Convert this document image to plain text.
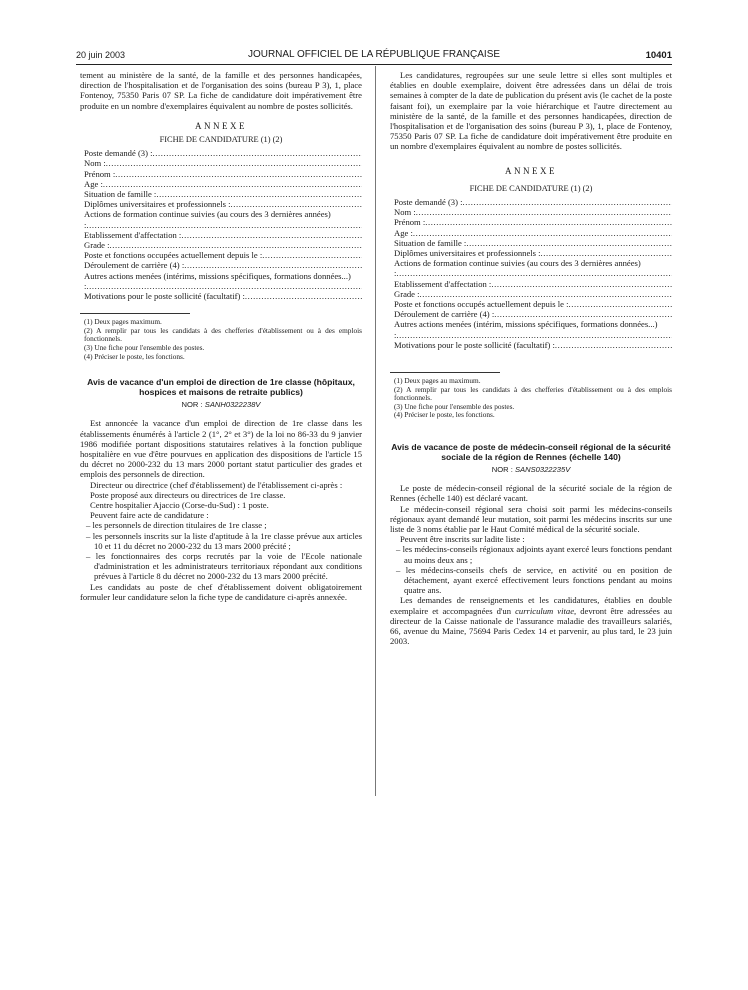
20 juin 2003	JOURNAL OFFICIEL DE LA RÉPUBLIQUE FRANÇAISE	10401

tement au ministère de la santé, de la famille et des personnes handicapées, direction de l'hospitalisation et de l'organisation des soins (bureau P 3), 1, place Fontenoy, 75350 Paris 07 SP. La fiche de candidature doit impérativement être produite en un nombre d'exemplaires équivalent au nombre de postes sollicités.

ANNEXE
FICHE DE CANDIDATURE (1) (2)
Poste demandé (3) : .....
Nom : .....
Prénom : .....
Age : .....
Situation de famille : .....
Diplômes universitaires et professionnels : .....
Actions de formation continue suivies (au cours des 3 dernières années) : .....
Etablissement d'affectation : .....
Grade : .....
Poste et fonctions occupées actuellement depuis le : .....
Déroulement de carrière (4) : .....
Autres actions menées (intérims, missions spécifiques, formations données...) : .....
Motivations pour le poste sollicité (facultatif) : .....
(1) Deux pages maximum.
(2) A remplir par tous les candidats à des chefferies d'établissement ou à des emplois fonctionnels.
(3) Une fiche pour l'ensemble des postes.
(4) Préciser le poste, les fonctions.
Avis de vacance d'un emploi de direction de 1re classe (hôpitaux, hospices et maisons de retraite publics)
NOR : SANH0322238V

Est annoncée la vacance d'un emploi de direction de 1re classe dans les établissements énumérés à l'article 2 (1°, 2° et 3°) de la loi no 86-33 du 9 janvier 1986 modifiée portant dispositions statutaires relatives à la fonction publique hospitalière en vue d'être pourvues en application des dispositions de l'article 15 du décret no 2000-232 du 13 mars 2000 portant statut particulier des grades et emplois des personnels de direction.

Directeur ou directrice (chef d'établissement) de l'établissement ci-après :

Poste proposé aux directeurs ou directrices de 1re classe.

Centre hospitalier Ajaccio (Corse-du-Sud) : 1 poste.

Peuvent faire acte de candidature :

– les personnels de direction titulaires de 1re classe ;
– les personnels inscrits sur la liste d'aptitude à la 1re classe prévue aux articles 10 et 11 du décret no 2000-232 du 13 mars 2000 précité ;
– les fonctionnaires des corps recrutés par la voie de l'Ecole nationale d'administration et les administrateurs territoriaux répondant aux conditions prévues à l'article 8 du décret no 2000-232 du 13 mars 2000 précité.

Les candidats au poste de chef d'établissement doivent obligatoirement formuler leur candidature selon la fiche type de candidature ci-après annexée.

Les candidatures, regroupées sur une seule lettre si elles sont multiples et établies en double exemplaire, doivent être adressées dans un délai de trois semaines à compter de la date de publication du présent avis (le cachet de la poste faisant foi), un exemplaire par la voie hiérarchique et l'autre directement au ministère de la santé, de la famille et des personnes handicapées, direction de l'hospitalisation et de l'organisation des soins (bureau P 3), 1, place de Fontenoy, 75350 Paris 07 SP. La fiche de candidature doit impérativement être produite en un nombre d'exemplaires équivalent au nombre de postes sollicités.

ANNEXE
FICHE DE CANDIDATURE (1) (2)
Poste demandé (3) : .....
Nom : .....
Prénom : .....
Age : .....
Situation de famille : .....
Diplômes universitaires et professionnels : .....
Actions de formation continue suivies (au cours des 3 dernières années) : .....
Etablissement d'affectation : .....
Grade : .....
Poste et fonctions occupés actuellement depuis le : .....
Déroulement de carrière (4) : .....
Autres actions menées (intérim, missions spécifiques, formations données...) : .....
Motivations pour le poste sollicité (facultatif) : .....
(1) Deux pages au maximum.
(2) A remplir par tous les candidats à des chefferies d'établissement ou à des emplois fonctionnels.
(3) Une fiche pour l'ensemble des postes.
(4) Préciser le poste, les fonctions.
Avis de vacance de poste de médecin-conseil régional de la sécurité sociale de la région de Rennes (échelle 140)
NOR : SANS0322235V

Le poste de médecin-conseil régional de la sécurité sociale de la région de Rennes (échelle 140) est déclaré vacant.

Le médecin-conseil régional sera choisi soit parmi les médecins-conseils régionaux ayant demandé leur mutation, soit parmi les médecins inscrits sur une liste de 3 noms établie par le Haut Comité médical de la sécurité sociale.

Peuvent être inscrits sur ladite liste :

– les médecins-conseils régionaux adjoints ayant exercé leurs fonctions pendant au moins deux ans ;
– les médecins-conseils chefs de service, en activité ou en position de détachement, ayant exercé effectivement leurs fonctions pendant au moins quatre ans.

Les demandes de renseignements et les candidatures, établies en double exemplaire et accompagnées d'un curriculum vitae, devront être adressées au directeur de la Caisse nationale de l'assurance maladie des travailleurs salariés, 66, avenue du Maine, 75694 Paris Cedex 14 et parvenir, au plus tard, le 23 juin 2003.
